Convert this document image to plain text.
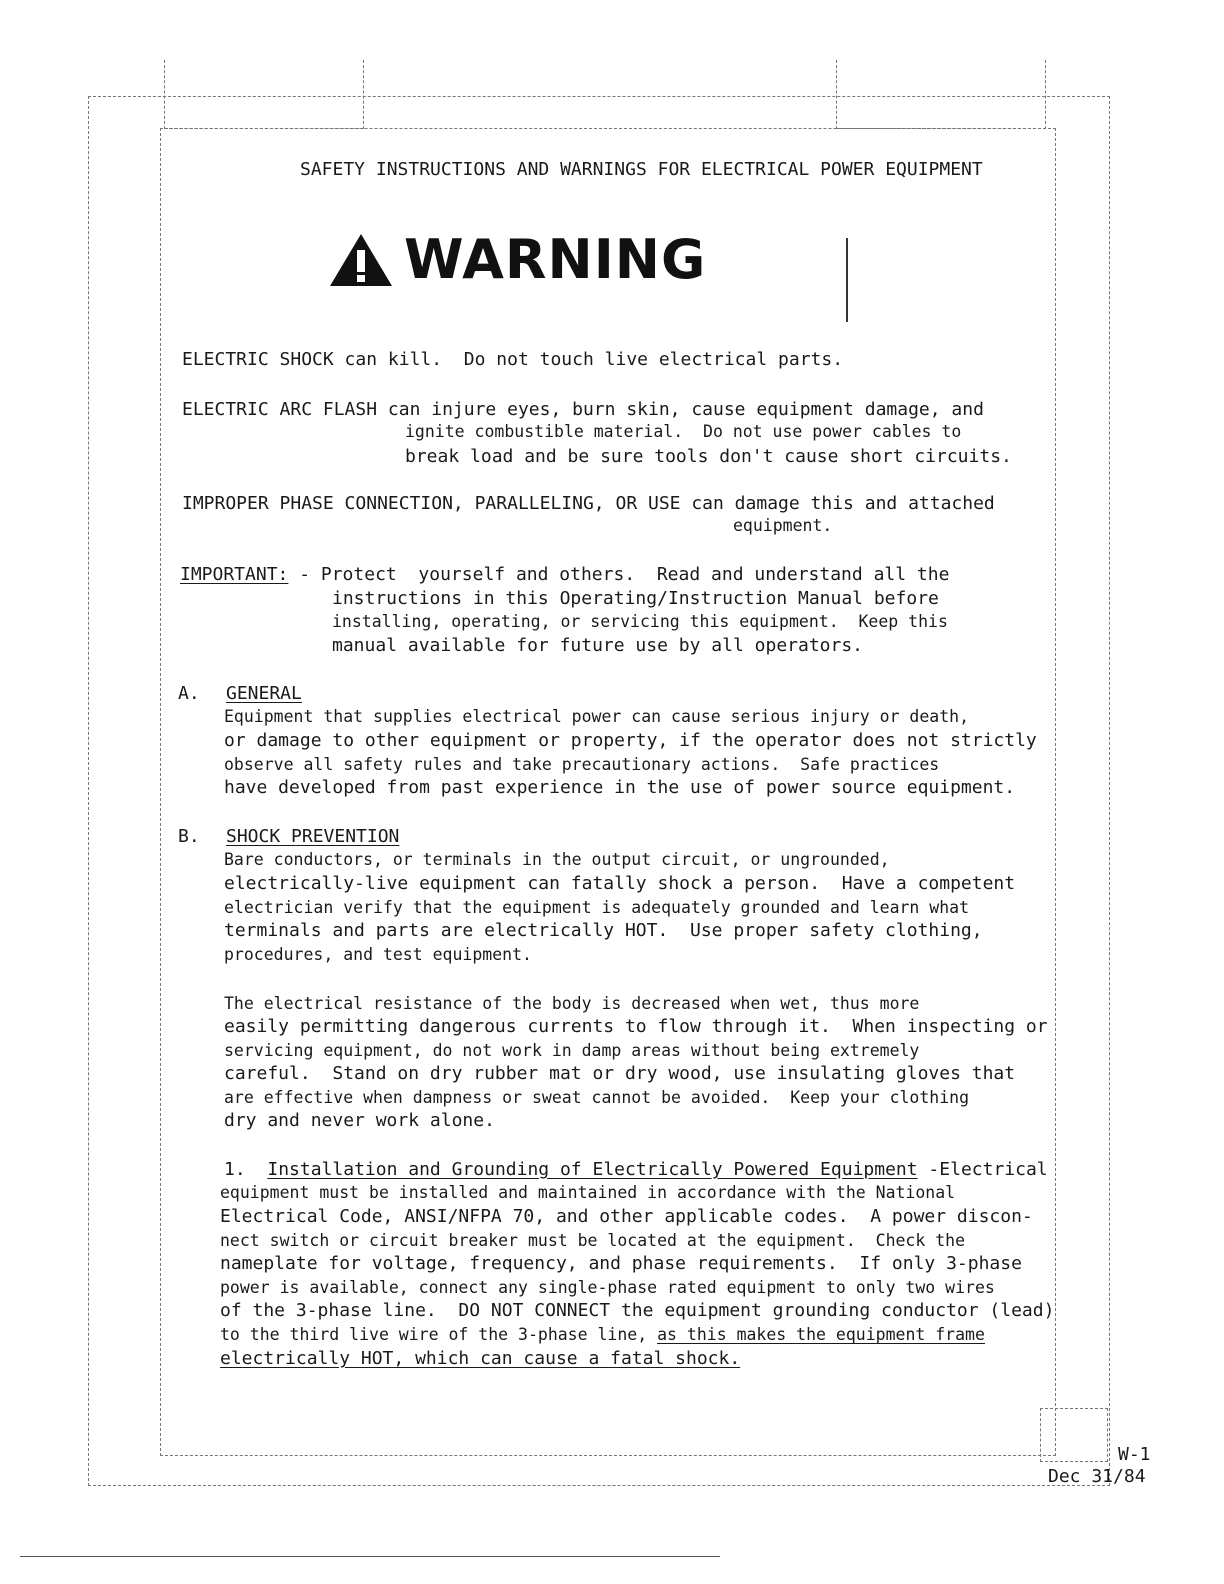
SAFETY INSTRUCTIONS AND WARNINGS FOR ELECTRICAL POWER EQUIPMENT
WARNING
ELECTRIC SHOCK can kill.  Do not touch live electrical parts.
ELECTRIC ARC FLASH can injure eyes, burn skin, cause equipment damage, and
ignite combustible material.  Do not use power cables to
break load and be sure tools don't cause short circuits.
IMPROPER PHASE CONNECTION, PARALLELING, OR USE can damage this and attached
equipment.
IMPORTANT: - Protect  yourself and others.  Read and understand all the
instructions in this Operating/Instruction Manual before
installing, operating, or servicing this equipment.  Keep this
manual available for future use by all operators.
A. GENERAL
Equipment that supplies electrical power can cause serious injury or death,
or damage to other equipment or property, if the operator does not strictly
observe all safety rules and take precautionary actions.  Safe practices
have developed from past experience in the use of power source equipment.
B. SHOCK PREVENTION
Bare conductors, or terminals in the output circuit, or ungrounded,
electrically-live equipment can fatally shock a person.  Have a competent
electrician verify that the equipment is adequately grounded and learn what
terminals and parts are electrically HOT.  Use proper safety clothing,
procedures, and test equipment.
The electrical resistance of the body is decreased when wet, thus more
easily permitting dangerous currents to flow through it.  When inspecting or
servicing equipment, do not work in damp areas without being extremely
careful.  Stand on dry rubber mat or dry wood, use insulating gloves that
are effective when dampness or sweat cannot be avoided.  Keep your clothing
dry and never work alone.
1. Installation and Grounding of Electrically Powered Equipment -Electrical
equipment must be installed and maintained in accordance with the National
Electrical Code, ANSI/NFPA 70, and other applicable codes.  A power discon-
nect switch or circuit breaker must be located at the equipment.  Check the
nameplate for voltage, frequency, and phase requirements.  If only 3-phase
power is available, connect any single-phase rated equipment to only two wires
of the 3-phase line.  DO NOT CONNECT the equipment grounding conductor (lead)
to the third live wire of the 3-phase line, as this makes the equipment frame
electrically HOT, which can cause a fatal shock.
W-1
Dec 31/84
